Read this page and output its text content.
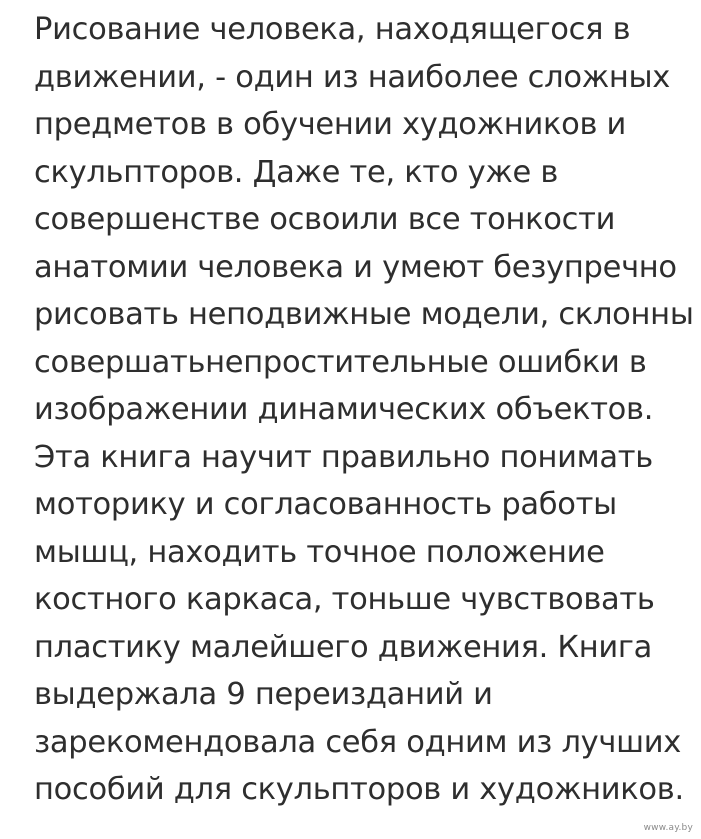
Рисование человека, находящегося в
движении, - один из наиболее сложных
предметов в обучении художников и
скульпторов. Даже те, кто уже в
совершенстве освоили все тонкости
анатомии человека и умеют безупречно
рисовать неподвижные модели, склонны
совершатьнепростительные ошибки в
изображении динамических объектов.
Эта книга научит правильно понимать
моторику и согласованность работы
мышц, находить точное положение
костного каркаса, тоньше чувствовать
пластику малейшего движения. Книга
выдержала 9 переизданий и
зарекомендовала себя одним из лучших
пособий для скульпторов и художников.

www.ay.by
